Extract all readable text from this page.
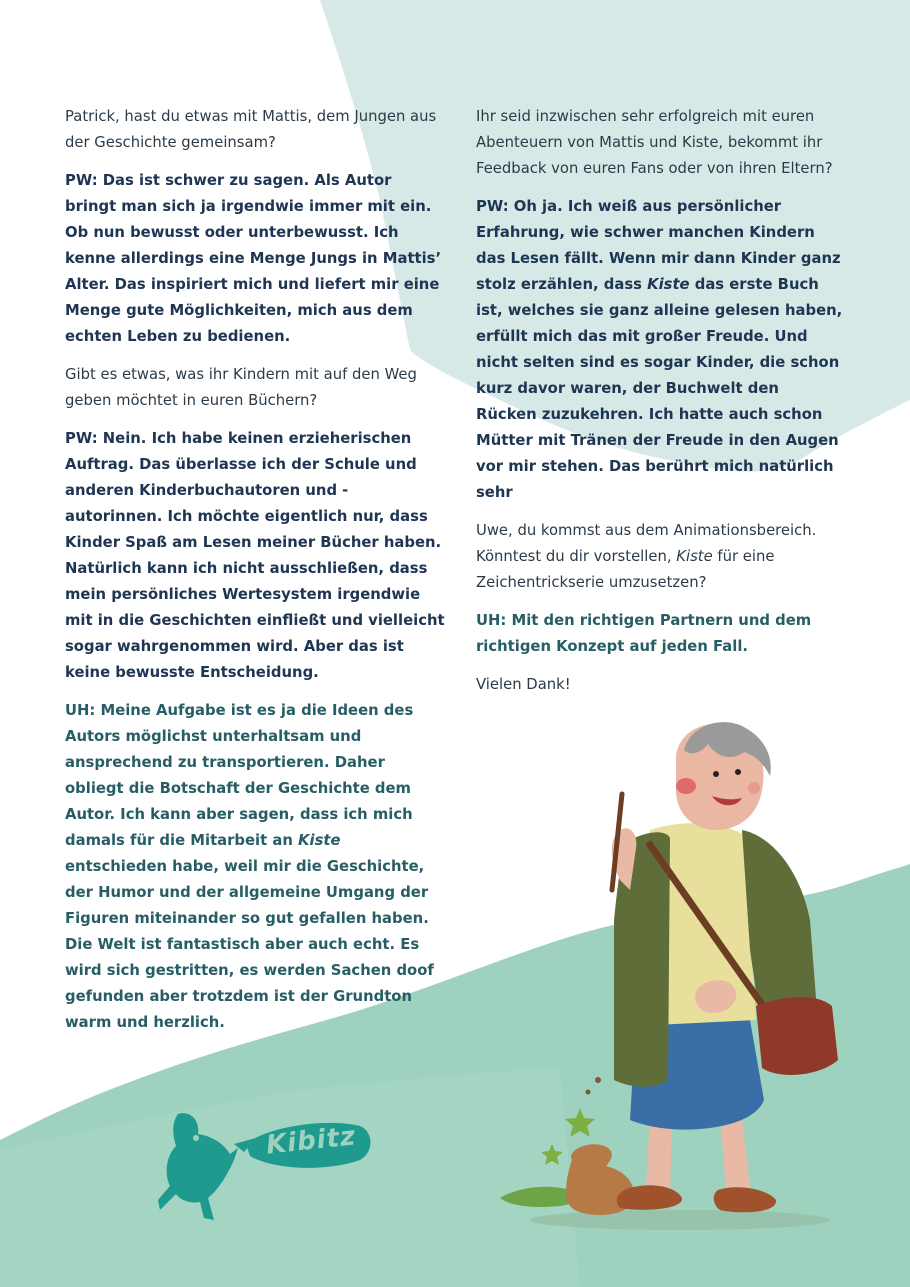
Patrick, hast du etwas mit Mattis, dem Jungen aus der Geschichte gemeinsam?

PW: Das ist schwer zu sagen. Als Autor bringt man sich ja irgendwie immer mit ein. Ob nun bewusst oder unterbewusst. Ich kenne allerdings eine Menge Jungs in Mattis’ Alter. Das inspiriert mich und liefert mir eine Menge gute Möglichkeiten, mich aus dem echten Leben zu bedienen.

Gibt es etwas, was ihr Kindern mit auf den Weg geben möchtet in euren Büchern?

PW: Nein. Ich habe keinen erzieherischen Auftrag. Das überlasse ich der Schule und anderen Kinderbuchautoren und -autorinnen. Ich möchte eigentlich nur, dass Kinder Spaß am Lesen meiner Bücher haben. Natürlich kann ich nicht ausschließen, dass mein persönliches Wertesystem irgendwie mit in die Geschichten einfließt und vielleicht sogar wahrgenommen wird. Aber das ist keine bewusste Entscheidung.

UH: Meine Aufgabe ist es ja die Ideen des Autors möglichst unterhaltsam und ansprechend zu transportieren. Daher obliegt die Botschaft der Geschichte dem Autor. Ich kann aber sagen, dass ich mich damals für die Mitarbeit an Kiste entschieden habe, weil mir die Geschichte, der Humor und der allgemeine Umgang der Figuren miteinander so gut gefallen haben.
Die Welt ist fantastisch aber auch echt. Es wird sich gestritten, es werden Sachen doof gefunden aber trotzdem ist der Grundton warm und herzlich.

Ihr seid inzwischen sehr erfolgreich mit euren Abenteuern von Mattis und Kiste, bekommt ihr Feedback von euren Fans oder von ihren Eltern?

PW: Oh ja. Ich weiß aus persönlicher Erfahrung, wie schwer manchen Kindern das Lesen fällt. Wenn mir dann Kinder ganz stolz erzählen, dass Kiste das erste Buch ist, welches sie ganz alleine gelesen haben, erfüllt mich das mit großer Freude. Und nicht selten sind es sogar Kinder, die schon kurz davor waren, der Buchwelt den Rücken zuzukehren. Ich hatte auch schon Mütter mit Tränen der Freude in den Augen vor mir stehen. Das berührt mich natürlich sehr

Uwe, du kommst aus dem Animationsbereich. Könntest du dir vorstellen, Kiste für eine Zeichentrickserie umzusetzen?

UH: Mit den richtigen Partnern und dem richtigen Konzept auf jeden Fall.

Vielen Dank!

Kibitz
